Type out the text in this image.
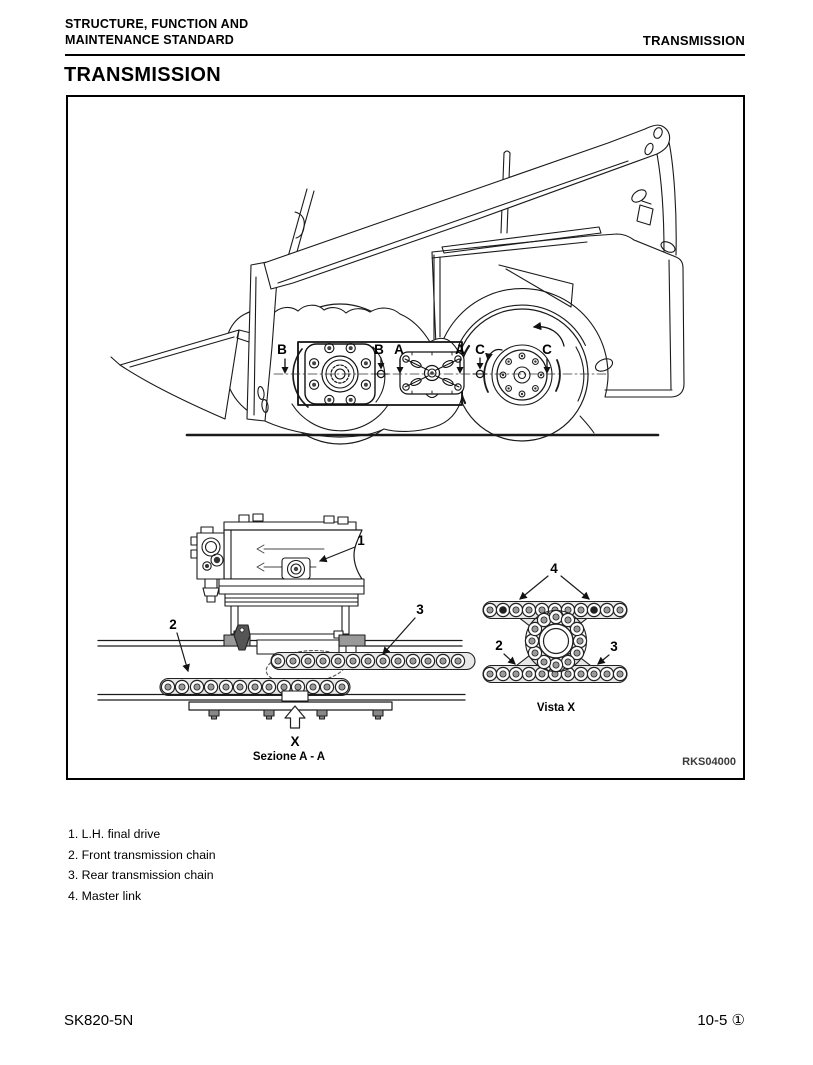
STRUCTURE, FUNCTION AND
MAINTENANCE STANDARD	TRANSMISSION
TRANSMISSION
B	B A	A C	C
X
Sezione A - A
1
2
3
4
2	3
Vista X
RKS04000
1. L.H. final drive
2. Front transmission chain
3. Rear transmission chain
4. Master link
SK820-5N	10-5 ①
